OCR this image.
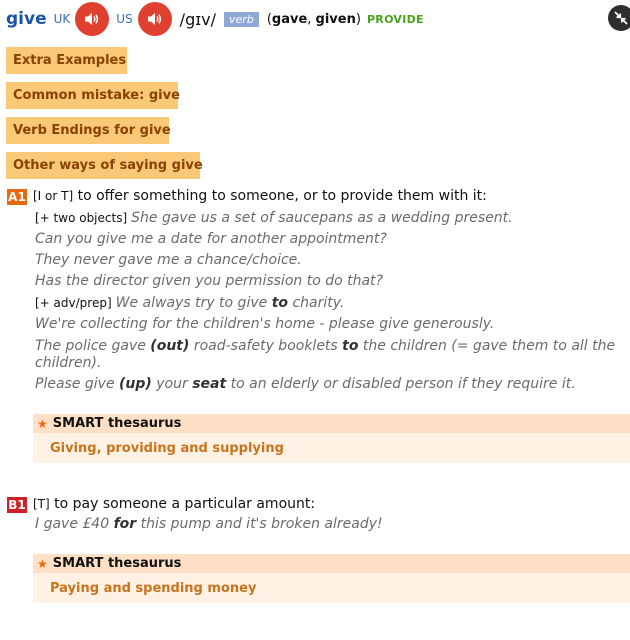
give UK	US	/gɪv/	verb	(gave, given) PROVIDE
Extra Examples
Common mistake: give
Verb Endings for give
Other ways of saying give
A1 [I or T] to offer something to someone, or to provide them with it:
[+ two objects] She gave us a set of saucepans as a wedding present.
Can you give me a date for another appointment?
They never gave me a chance/choice.
Has the director given you permission to do that?
[+ adv/prep] We always try to give to charity.
We're collecting for the children's home - please give generously.
The police gave (out) road-safety booklets to the children (= gave them to all the children).
Please give (up) your seat to an elderly or disabled person if they require it.
★ SMART thesaurus
Giving, providing and supplying
B1 [T] to pay someone a particular amount:
I gave £40 for this pump and it's broken already!
★ SMART thesaurus
Paying and spending money
